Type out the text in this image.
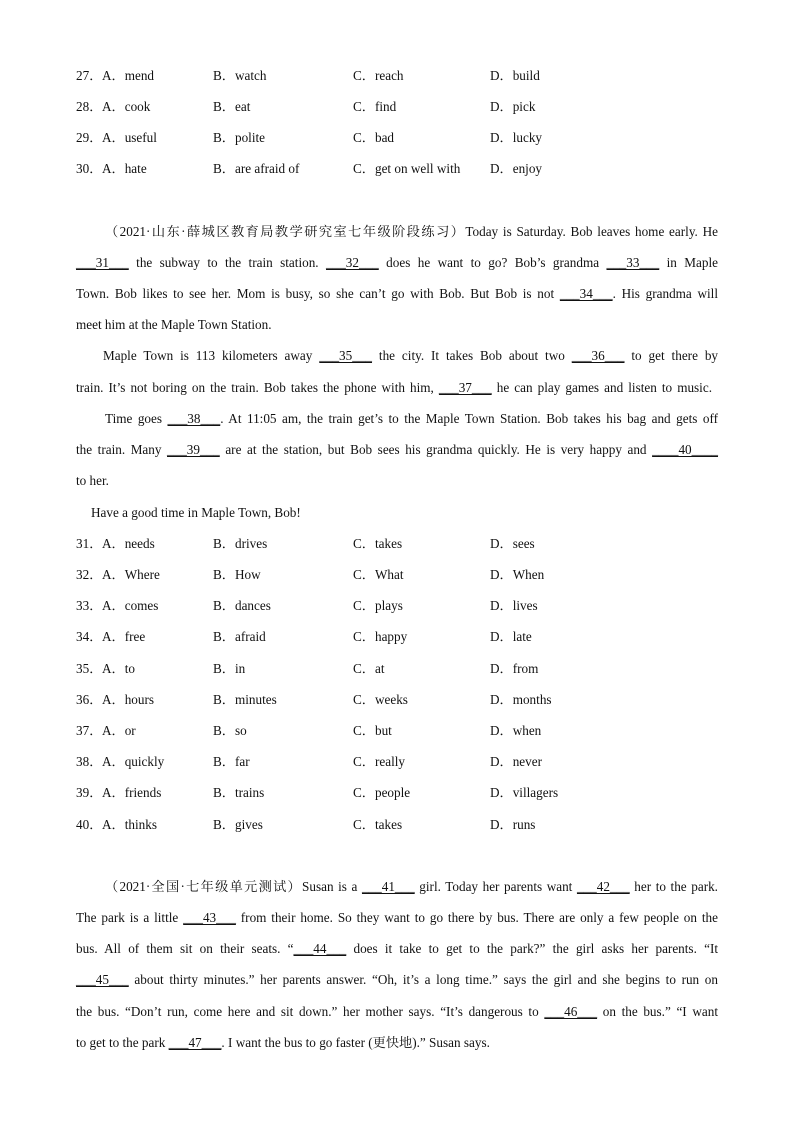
27． A．mend	B．watch	C．reach	D．build
28． A．cook	B．eat	C．find	D．pick
29． A．useful	B．polite	C．bad	D．lucky
30． A．hate	B．are afraid of	C．get on well with D．enjoy
（2021·山东·薛城区教育局教学研究室七年级阶段练习）Today is Saturday. Bob leaves home early. He
___31___ the subway to the train station. ___32___ does he want to go? Bob’s grandma ___33___ in Maple
Town. Bob likes to see her. Mom is busy, so she can’t go with Bob. But Bob is not ___34___. His grandma will
meet him at the Maple Town Station.
Maple Town is 113 kilometers away ___35___ the city. It takes Bob about two ___36___ to get there by
train. It’s not boring on the train. Bob takes the phone with him, ___37___ he can play games and listen to music.
Time goes ___38___. At 11:05 am, the train get’s to the Maple Town Station. Bob takes his bag and gets off
the train. Many ___39___ are at the station, but Bob sees his grandma quickly. He is very happy and ____40____
to her.
Have a good time in Maple Town, Bob!
31． A．needs	B．drives	C．takes	D．sees
32． A．Where	B．How	C．What	D．When
33． A．comes	B．dances	C．plays	D．lives
34． A．free	B．afraid	C．happy	D．late
35． A．to	B．in	C．at	D．from
36． A．hours	B．minutes	C．weeks	D．months
37． A．or	B．so	C．but	D．when
38． A．quickly	B．far	C．really	D．never
39． A．friends	B．trains	C．people	D．villagers
40． A．thinks	B．gives	C．takes	D．runs
（2021·全国·七年级单元测试）Susan is a ___41___ girl. Today her parents want ___42___ her to the park.
The park is a little ___43___ from their home. So they want to go there by bus. There are only a few people on the
bus. All of them sit on their seats. “___44___ does it take to get to the park?” the girl asks her parents. “It
___45___ about thirty minutes.” her parents answer. “Oh, it’s a long time.” says the girl and she begins to run on
the bus. “Don’t run, come here and sit down.” her mother says. “It’s dangerous to ___46___ on the bus.” “I want
to get to the park ___47___. I want the bus to go faster (更快地).” Susan says.
